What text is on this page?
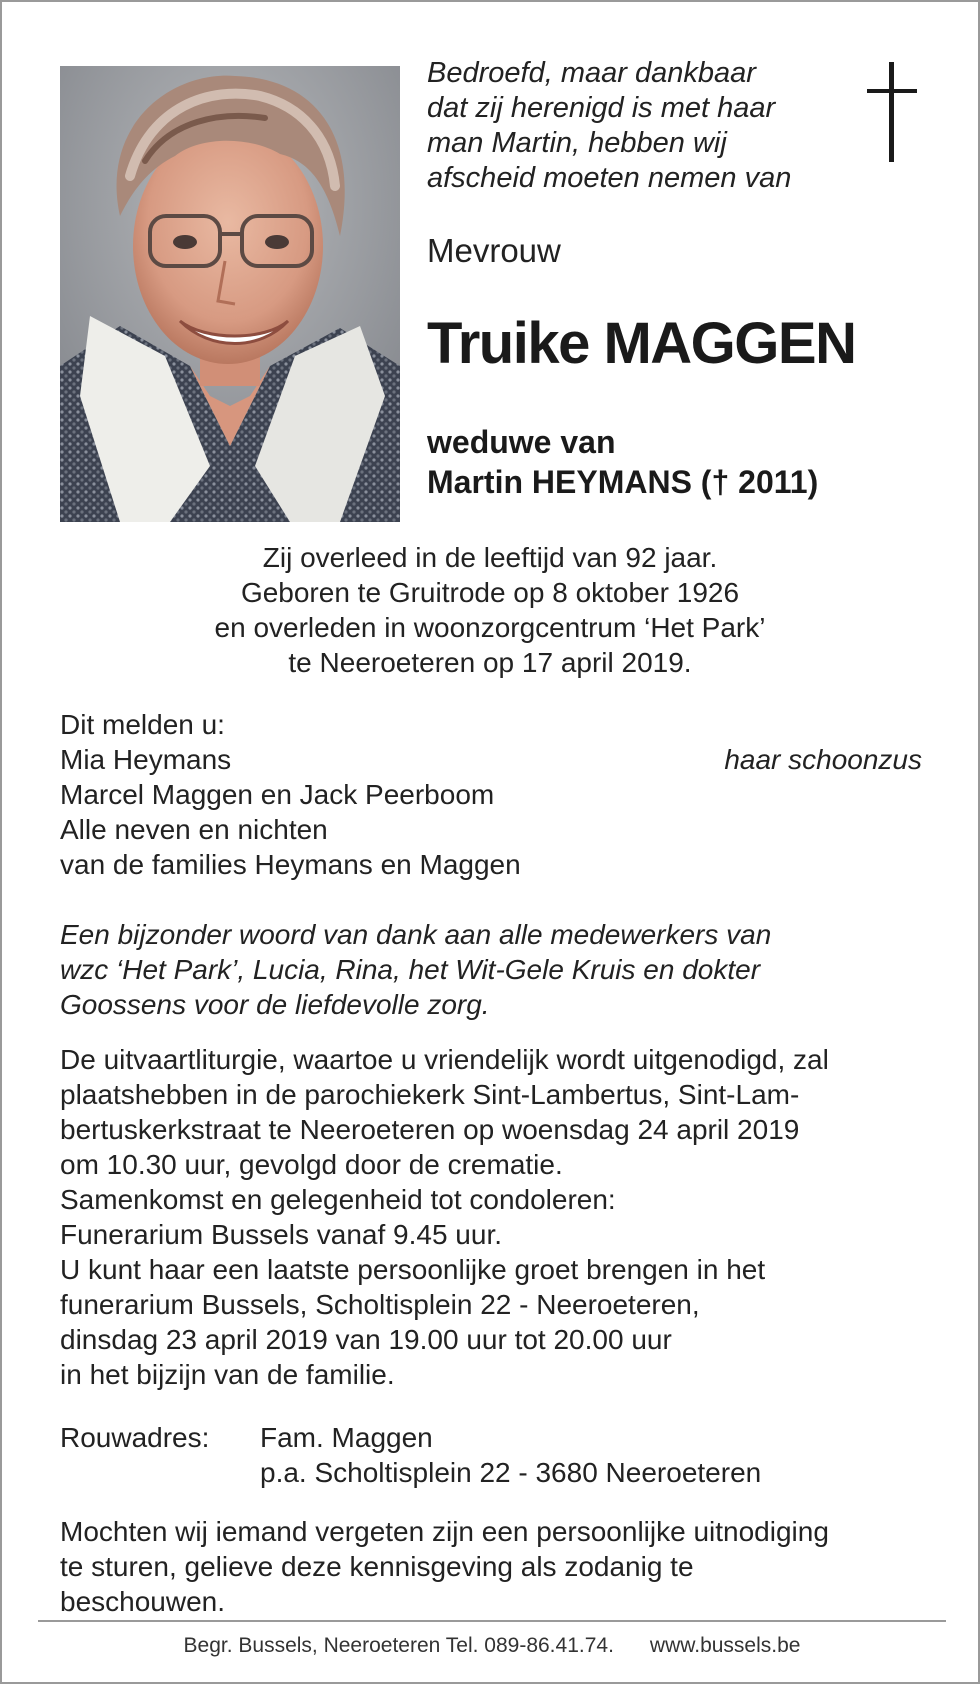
Bedroefd, maar dankbaar
dat zij herenigd is met haar
man Martin, hebben wij
afscheid moeten nemen van
Mevrouw
Truike MAGGEN
weduwe van
Martin HEYMANS († 2011)
Zij overleed in de leeftijd van 92 jaar.
Geboren te Gruitrode op 8 oktober 1926
en overleden in woonzorgcentrum ‘Het Park’
te Neeroeteren op 17 april 2019.
Dit melden u:
Mia Heymans	haar schoonzus
Marcel Maggen en Jack Peerboom
Alle neven en nichten
van de families Heymans en Maggen
Een bijzonder woord van dank aan alle medewerkers van
wzc ‘Het Park’, Lucia, Rina, het Wit-Gele Kruis en dokter
Goossens voor de liefdevolle zorg.
De uitvaartliturgie, waartoe u vriendelijk wordt uitgenodigd, zal
plaatshebben in de parochiekerk Sint-Lambertus, Sint-Lam-
bertuskerkstraat te Neeroeteren op woensdag 24 april 2019
om 10.30 uur, gevolgd door de crematie.
Samenkomst en gelegenheid tot condoleren:
Funerarium Bussels vanaf 9.45 uur.
U kunt haar een laatste persoonlijke groet brengen in het
funerarium Bussels, Scholtisplein 22 - Neeroeteren,
dinsdag 23 april 2019 van 19.00 uur tot 20.00 uur
in het bijzijn van de familie.
Rouwadres:	Fam. Maggen
p.a. Scholtisplein 22 - 3680 Neeroeteren
Mochten wij iemand vergeten zijn een persoonlijke uitnodiging
te sturen, gelieve deze kennisgeving als zodanig te
beschouwen.
Begr. Bussels, Neeroeteren Tel. 089-86.41.74. www.bussels.be
